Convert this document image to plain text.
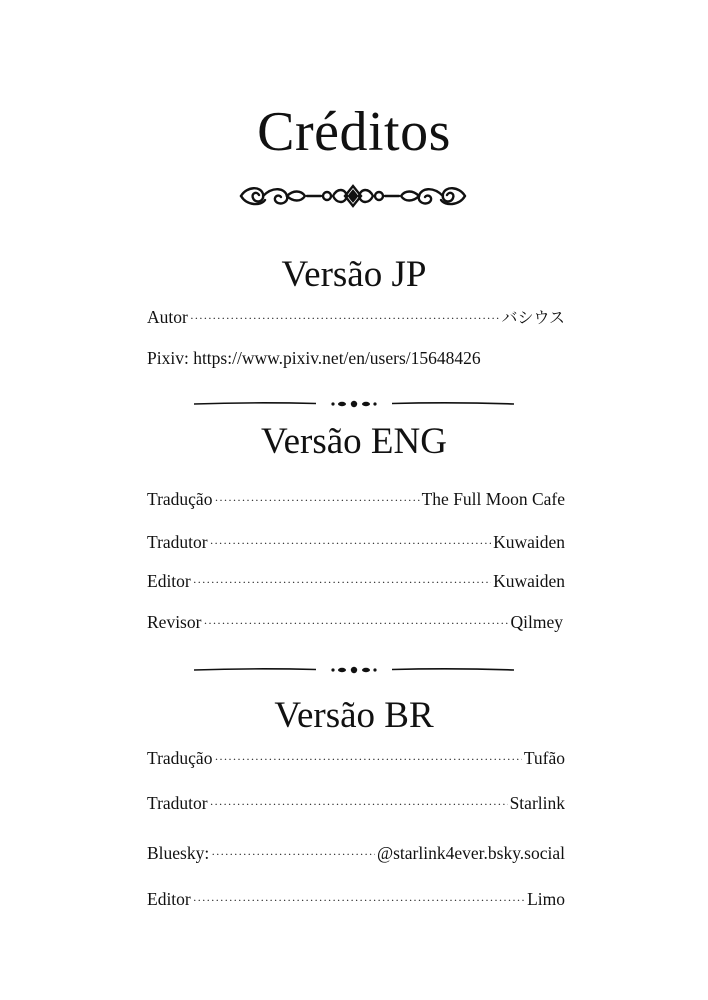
Créditos
Versão JP
Autor ·····	バシウス
Pixiv: https://www.pixiv.net/en/users/15648426
Versão ENG
Tradução ·····	The Full Moon Cafe
Tradutor ·····	Kuwaiden
Editor ·····	Kuwaiden
Revisor ·····	Qilmey
Versão BR
Tradução ·····	Tufão
Tradutor ·····	Starlink
Bluesky: ·····	@starlink4ever.bsky.social
Editor ·····	Limo
